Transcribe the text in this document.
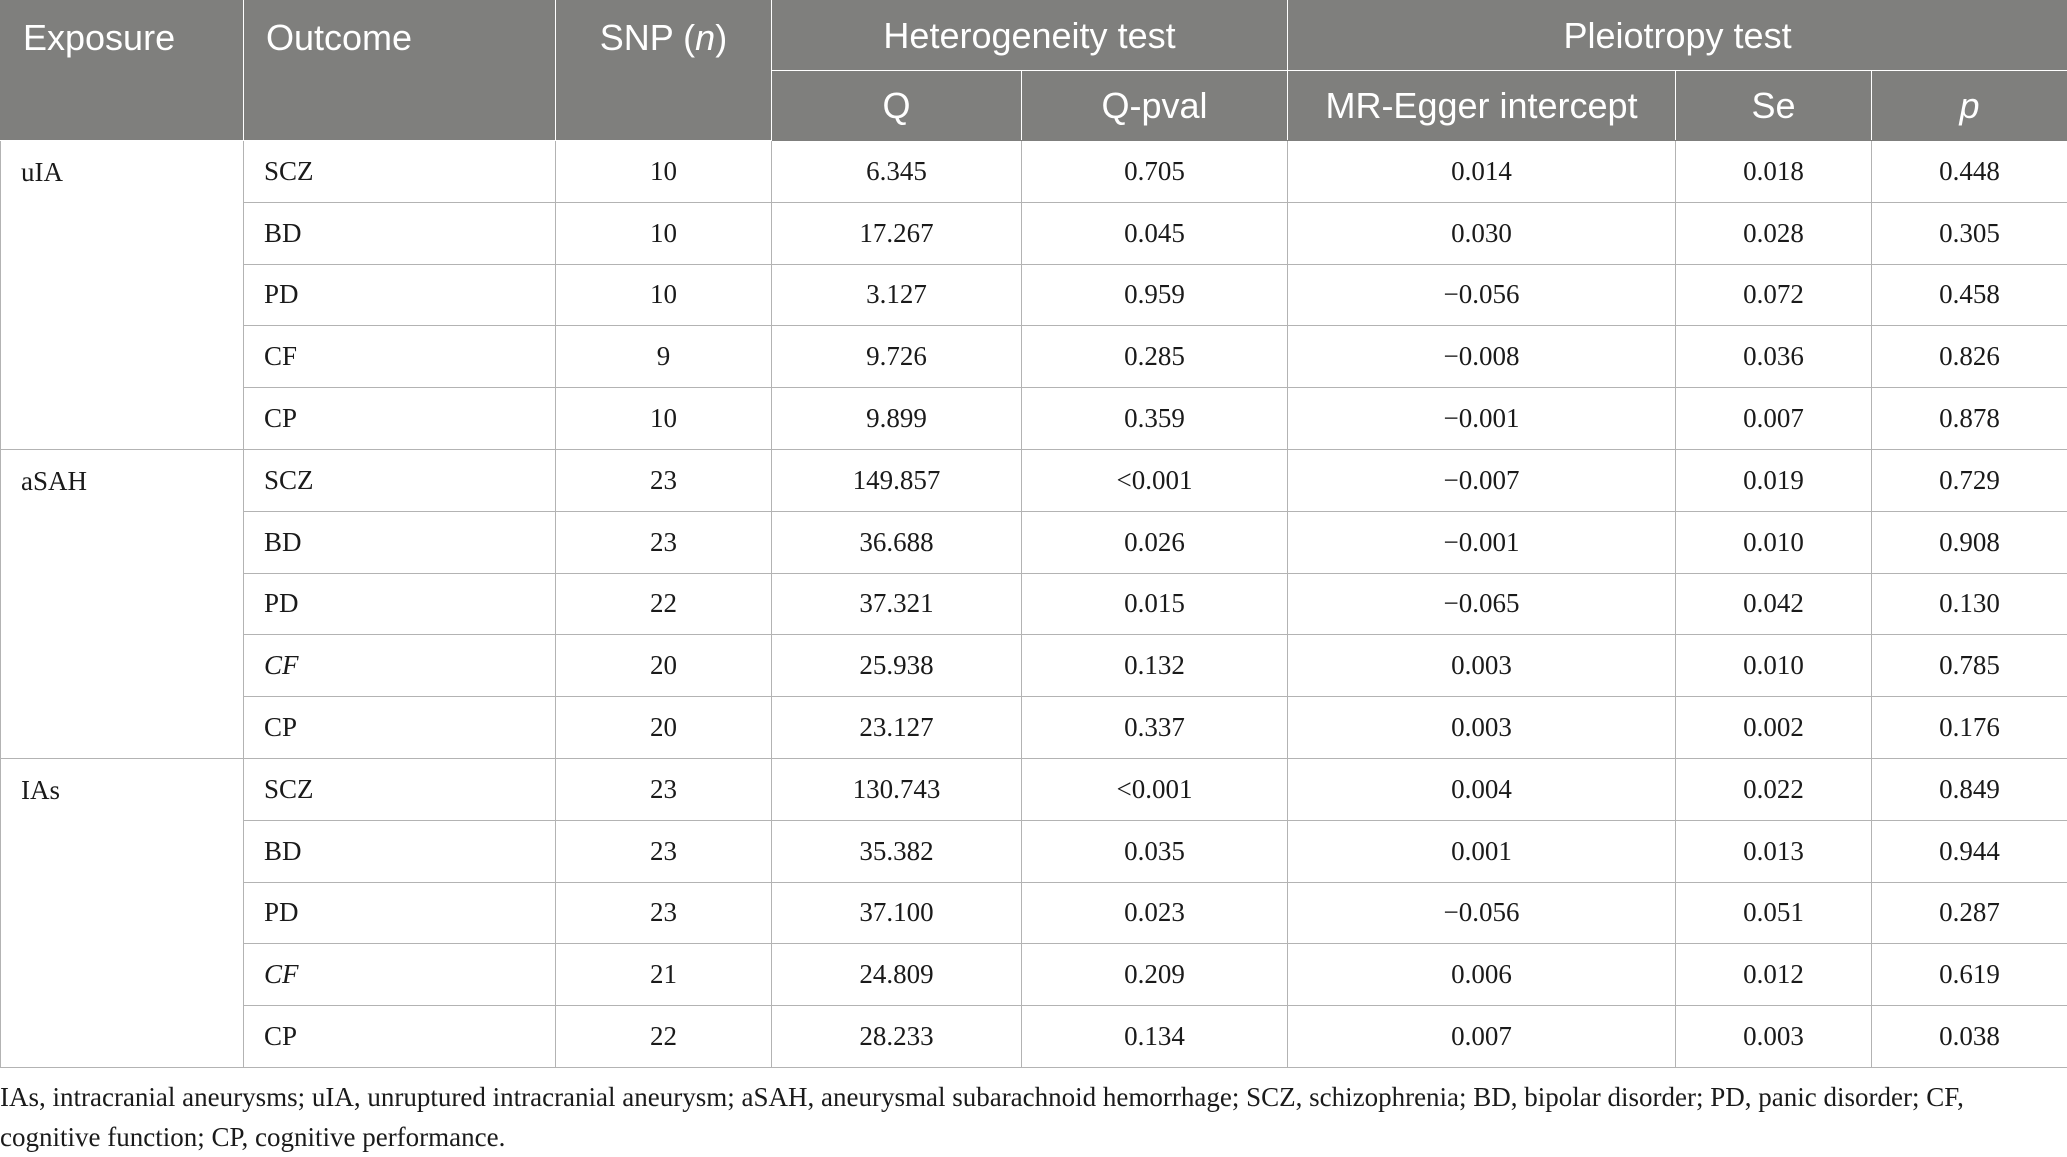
Exposure	Outcome	SNP (n)	Heterogeneity test		Pleiotropy test		
			Q	Q-pval	MR-Egger intercept	Se	p
uIA	SCZ	10	6.345	0.705	0.014	0.018	0.448
	BD	10	17.267	0.045	0.030	0.028	0.305
	PD	10	3.127	0.959	−0.056	0.072	0.458
	CF	9	9.726	0.285	−0.008	0.036	0.826
	CP	10	9.899	0.359	−0.001	0.007	0.878
aSAH	SCZ	23	149.857	<0.001	−0.007	0.019	0.729
	BD	23	36.688	0.026	−0.001	0.010	0.908
	PD	22	37.321	0.015	−0.065	0.042	0.130
	CF	20	25.938	0.132	0.003	0.010	0.785
	CP	20	23.127	0.337	0.003	0.002	0.176
IAs	SCZ	23	130.743	<0.001	0.004	0.022	0.849
	BD	23	35.382	0.035	0.001	0.013	0.944
	PD	23	37.100	0.023	−0.056	0.051	0.287
	CF	21	24.809	0.209	0.006	0.012	0.619
	CP	22	28.233	0.134	0.007	0.003	0.038
IAs, intracranial aneurysms; uIA, unruptured intracranial aneurysm; aSAH, aneurysmal subarachnoid hemorrhage; SCZ, schizophrenia; BD, bipolar disorder; PD, panic disorder; CF, cognitive function; CP, cognitive performance.
